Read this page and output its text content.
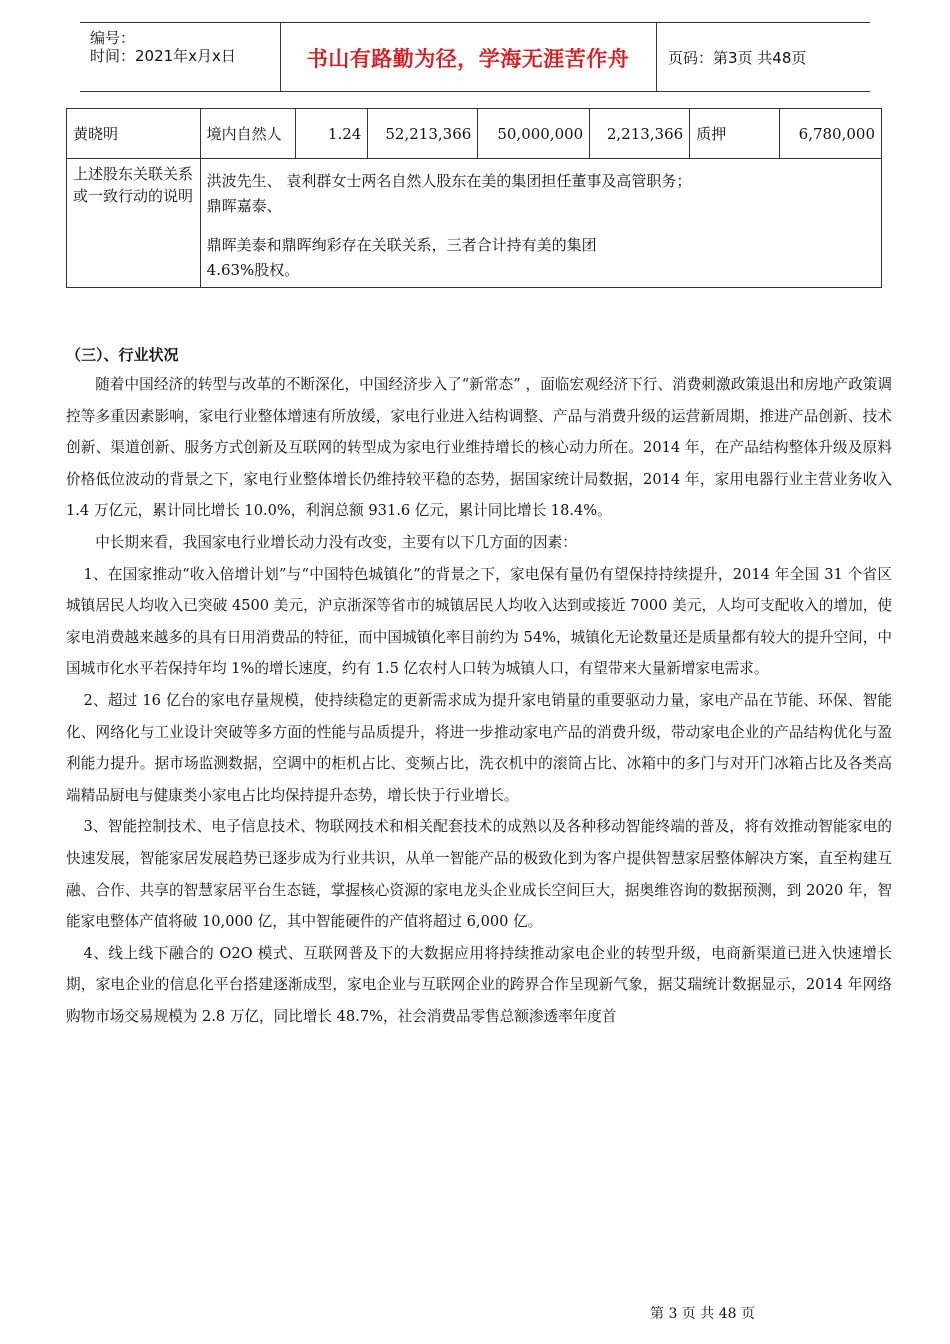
编号：
时间：2021年x月x日	书山有路勤为径，学海无涯苦作舟	页码：第3页 共48页
黄晓明	境内自然人	1.24	52,213,366	50,000,000	2,213,366	质押	6,780,000
上述股东关联关系或一致行动的说明	洪波先生、 袁利群女士两名自然人股东在美的集团担任董事及高管职务；
鼎晖嘉泰、
鼎晖美泰和鼎晖绚彩存在关联关系，三者合计持有美的集团
4.63%股权。						
（三）、行业状况

随着中国经济的转型与改革的不断深化，中国经济步入了“新常态” ，面临宏观经济下行、消费刺激政策退出和房地产政策调控等多重因素影响，家电行业整体增速有所放缓，家电行业进入结构调整、产品与消费升级的运营新周期，推进产品创新、技术创新、渠道创新、服务方式创新及互联网的转型成为家电行业维持增长的核心动力所在。2014 年，在产品结构整体升级及原料价格低位波动的背景之下，家电行业整体增长仍维持较平稳的态势，据国家统计局数据，2014 年，家用电器行业主营业务收入 1.4 万亿元，累计同比增长 10.0%，利润总额 931.6 亿元，累计同比增长 18.4%。

中长期来看，我国家电行业增长动力没有改变，主要有以下几方面的因素：

1、在国家推动“收入倍增计划”与“中国特色城镇化”的背景之下，家电保有量仍有望保持持续提升，2014 年全国 31 个省区城镇居民人均收入已突破 4500 美元，沪京浙深等省市的城镇居民人均收入达到或接近 7000 美元，人均可支配收入的增加，使家电消费越来越多的具有日用消费品的特征，而中国城镇化率目前约为 54%，城镇化无论数量还是质量都有较大的提升空间，中国城市化水平若保持年均 1%的增长速度，约有 1.5 亿农村人口转为城镇人口，有望带来大量新增家电需求。

2、超过 16 亿台的家电存量规模，使持续稳定的更新需求成为提升家电销量的重要驱动力量，家电产品在节能、环保、智能化、网络化与工业设计突破等多方面的性能与品质提升，将进一步推动家电产品的消费升级，带动家电企业的产品结构优化与盈利能力提升。据市场监测数据，空调中的柜机占比、变频占比，洗衣机中的滚筒占比、冰箱中的多门与对开门冰箱占比及各类高端精品厨电与健康类小家电占比均保持提升态势，增长快于行业增长。

3、智能控制技术、电子信息技术、物联网技术和相关配套技术的成熟以及各种移动智能终端的普及，将有效推动智能家电的快速发展，智能家居发展趋势已逐步成为行业共识，从单一智能产品的极致化到为客户提供智慧家居整体解决方案，直至构建互融、合作、共享的智慧家居平台生态链，掌握核心资源的家电龙头企业成长空间巨大，据奥维咨询的数据预测，到 2020 年，智能家电整体产值将破 10,000 亿，其中智能硬件的产值将超过 6,000 亿。

4、线上线下融合的 O2O 模式、互联网普及下的大数据应用将持续推动家电企业的转型升级，电商新渠道已进入快速增长期，家电企业的信息化平台搭建逐渐成型，家电企业与互联网企业的跨界合作呈现新气象，据艾瑞统计数据显示，2014 年网络购物市场交易规模为 2.8 万亿，同比增长 48.7%，社会消费品零售总额渗透率年度首

第 3 页 共 48 页
